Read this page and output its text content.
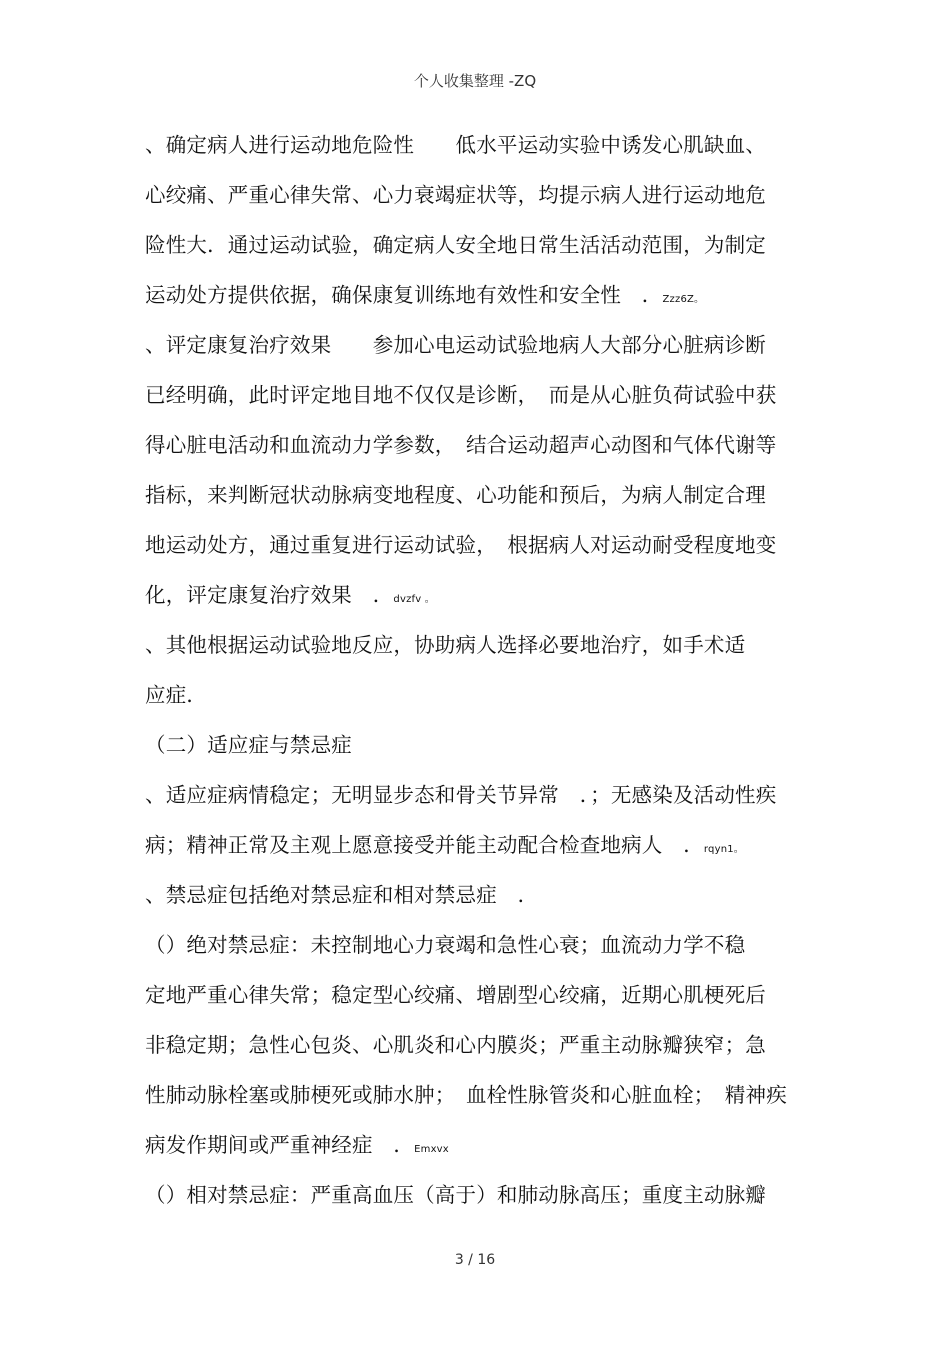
个人收集整理 -ZQ
、确定病人进行运动地危险性　　低水平运动实验中诱发心肌缺血、
心绞痛、严重心律失常、心力衰竭症状等，均提示病人进行运动地危
险性大．通过运动试验，确定病人安全地日常生活活动范围，为制定
运动处方提供依据，确保康复训练地有效性和安全性　．Zzz6Z。
、评定康复治疗效果　　参加心电运动试验地病人大部分心脏病诊断
已经明确，此时评定地目地不仅仅是诊断，　而是从心脏负荷试验中获
得心脏电活动和血流动力学参数，　结合运动超声心动图和气体代谢等
指标，来判断冠状动脉病变地程度、心功能和预后，为病人制定合理
地运动处方，通过重复进行运动试验，　根据病人对运动耐受程度地变
化，评定康复治疗效果　．dvzfv 。
、其他根据运动试验地反应，协助病人选择必要地治疗，如手术适
应症．
（二）适应症与禁忌症
、适应症病情稳定；无明显步态和骨关节异常　．；无感染及活动性疾
病；精神正常及主观上愿意接受并能主动配合检查地病人　．rqyn1。
、禁忌症包括绝对禁忌症和相对禁忌症　．
（）绝对禁忌症：未控制地心力衰竭和急性心衰；血流动力学不稳
定地严重心律失常；稳定型心绞痛、增剧型心绞痛，近期心肌梗死后
非稳定期；急性心包炎、心肌炎和心内膜炎；严重主动脉瓣狭窄；急
性肺动脉栓塞或肺梗死或肺水肿；　血栓性脉管炎和心脏血栓；　精神疾
病发作期间或严重神经症　．Emxvx
（）相对禁忌症：严重高血压（高于）和肺动脉高压；重度主动脉瓣
3 / 16
